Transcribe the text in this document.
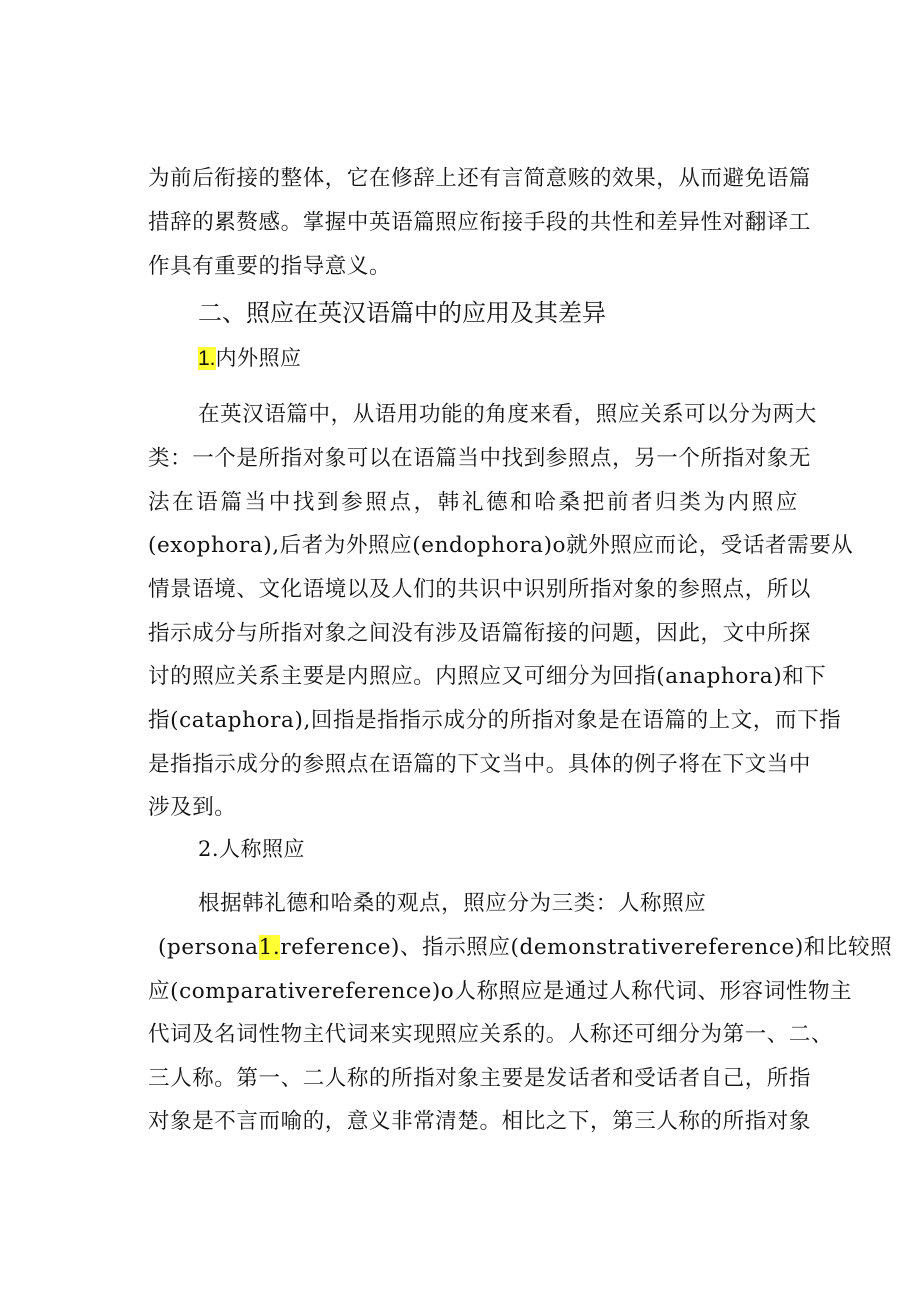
为前后衔接的整体，它在修辞上还有言简意赅的效果，从而避免语篇
措辞的累赘感。掌握中英语篇照应衔接手段的共性和差异性对翻译工
作具有重要的指导意义。
二、照应在英汉语篇中的应用及其差异
1.内外照应
在英汉语篇中，从语用功能的角度来看，照应关系可以分为两大
类：一个是所指对象可以在语篇当中找到参照点，另一个所指对象无
法在语篇当中找到参照点，韩礼德和哈桑把前者归类为内照应
(exophora),后者为外照应(endophora)o就外照应而论，受话者需要从
情景语境、文化语境以及人们的共识中识别所指对象的参照点，所以
指示成分与所指对象之间没有涉及语篇衔接的问题，因此，文中所探
讨的照应关系主要是内照应。内照应又可细分为回指(anaphora)和下
指(cataphora),回指是指指示成分的所指对象是在语篇的上文，而下指
是指指示成分的参照点在语篇的下文当中。具体的例子将在下文当中
涉及到。
2.人称照应
根据韩礼德和哈桑的观点，照应分为三类：人称照应
(persona1.reference)、指示照应(demonstrativereference)和比较照
应(comparativereference)o人称照应是通过人称代词、形容词性物主
代词及名词性物主代词来实现照应关系的。人称还可细分为第一、二、
三人称。第一、二人称的所指对象主要是发话者和受话者自己，所指
对象是不言而喻的，意义非常清楚。相比之下，第三人称的所指对象
